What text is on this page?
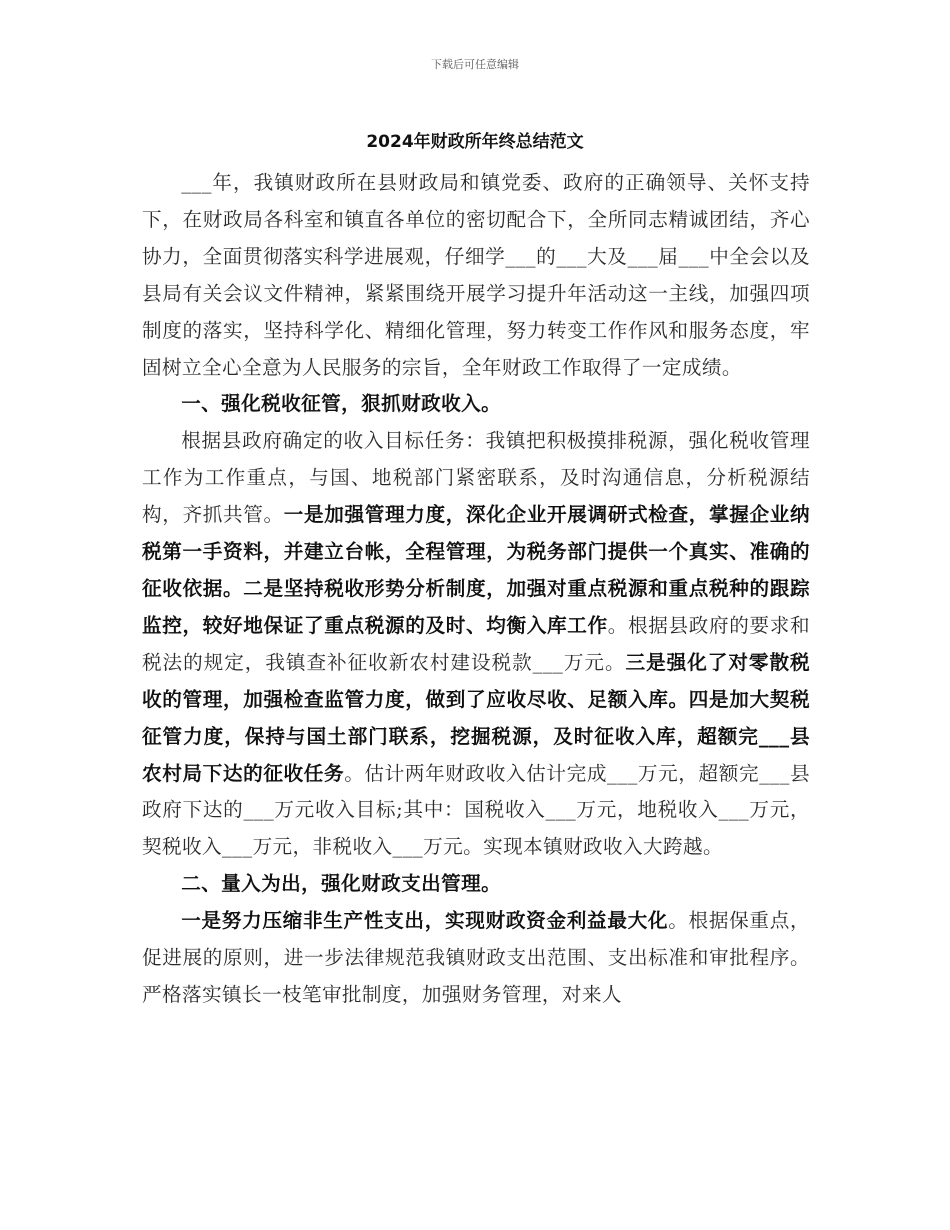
下载后可任意编辑
2024年财政所年终总结范文

___年，我镇财政所在县财政局和镇党委、政府的正确领导、关怀支持下，在财政局各科室和镇直各单位的密切配合下，全所同志精诚团结，齐心协力，全面贯彻落实科学进展观，仔细学___的___大及___届___中全会以及县局有关会议文件精神，紧紧围绕开展学习提升年活动这一主线，加强四项制度的落实，坚持科学化、精细化管理，努力转变工作作风和服务态度，牢固树立全心全意为人民服务的宗旨，全年财政工作取得了一定成绩。

一、强化税收征管，狠抓财政收入。

根据县政府确定的收入目标任务：我镇把积极摸排税源，强化税收管理工作为工作重点，与国、地税部门紧密联系，及时沟通信息，分析税源结构，齐抓共管。一是加强管理力度，深化企业开展调研式检查，掌握企业纳税第一手资料，并建立台帐，全程管理，为税务部门提供一个真实、准确的征收依据。二是坚持税收形势分析制度，加强对重点税源和重点税种的跟踪监控，较好地保证了重点税源的及时、均衡入库工作。根据县政府的要求和税法的规定，我镇查补征收新农村建设税款___万元。三是强化了对零散税收的管理，加强检查监管力度，做到了应收尽收、足额入库。四是加大契税征管力度，保持与国土部门联系，挖掘税源，及时征收入库，超额完___县农村局下达的征收任务。估计两年财政收入估计完成___万元，超额完___县政府下达的___万元收入目标;其中：国税收入___万元，地税收入___万元，契税收入___万元，非税收入___万元。实现本镇财政收入大跨越。

二、量入为出，强化财政支出管理。

一是努力压缩非生产性支出，实现财政资金利益最大化。根据保重点，促进展的原则，进一步法律规范我镇财政支出范围、支出标准和审批程序。严格落实镇长一枝笔审批制度，加强财务管理，对来人
